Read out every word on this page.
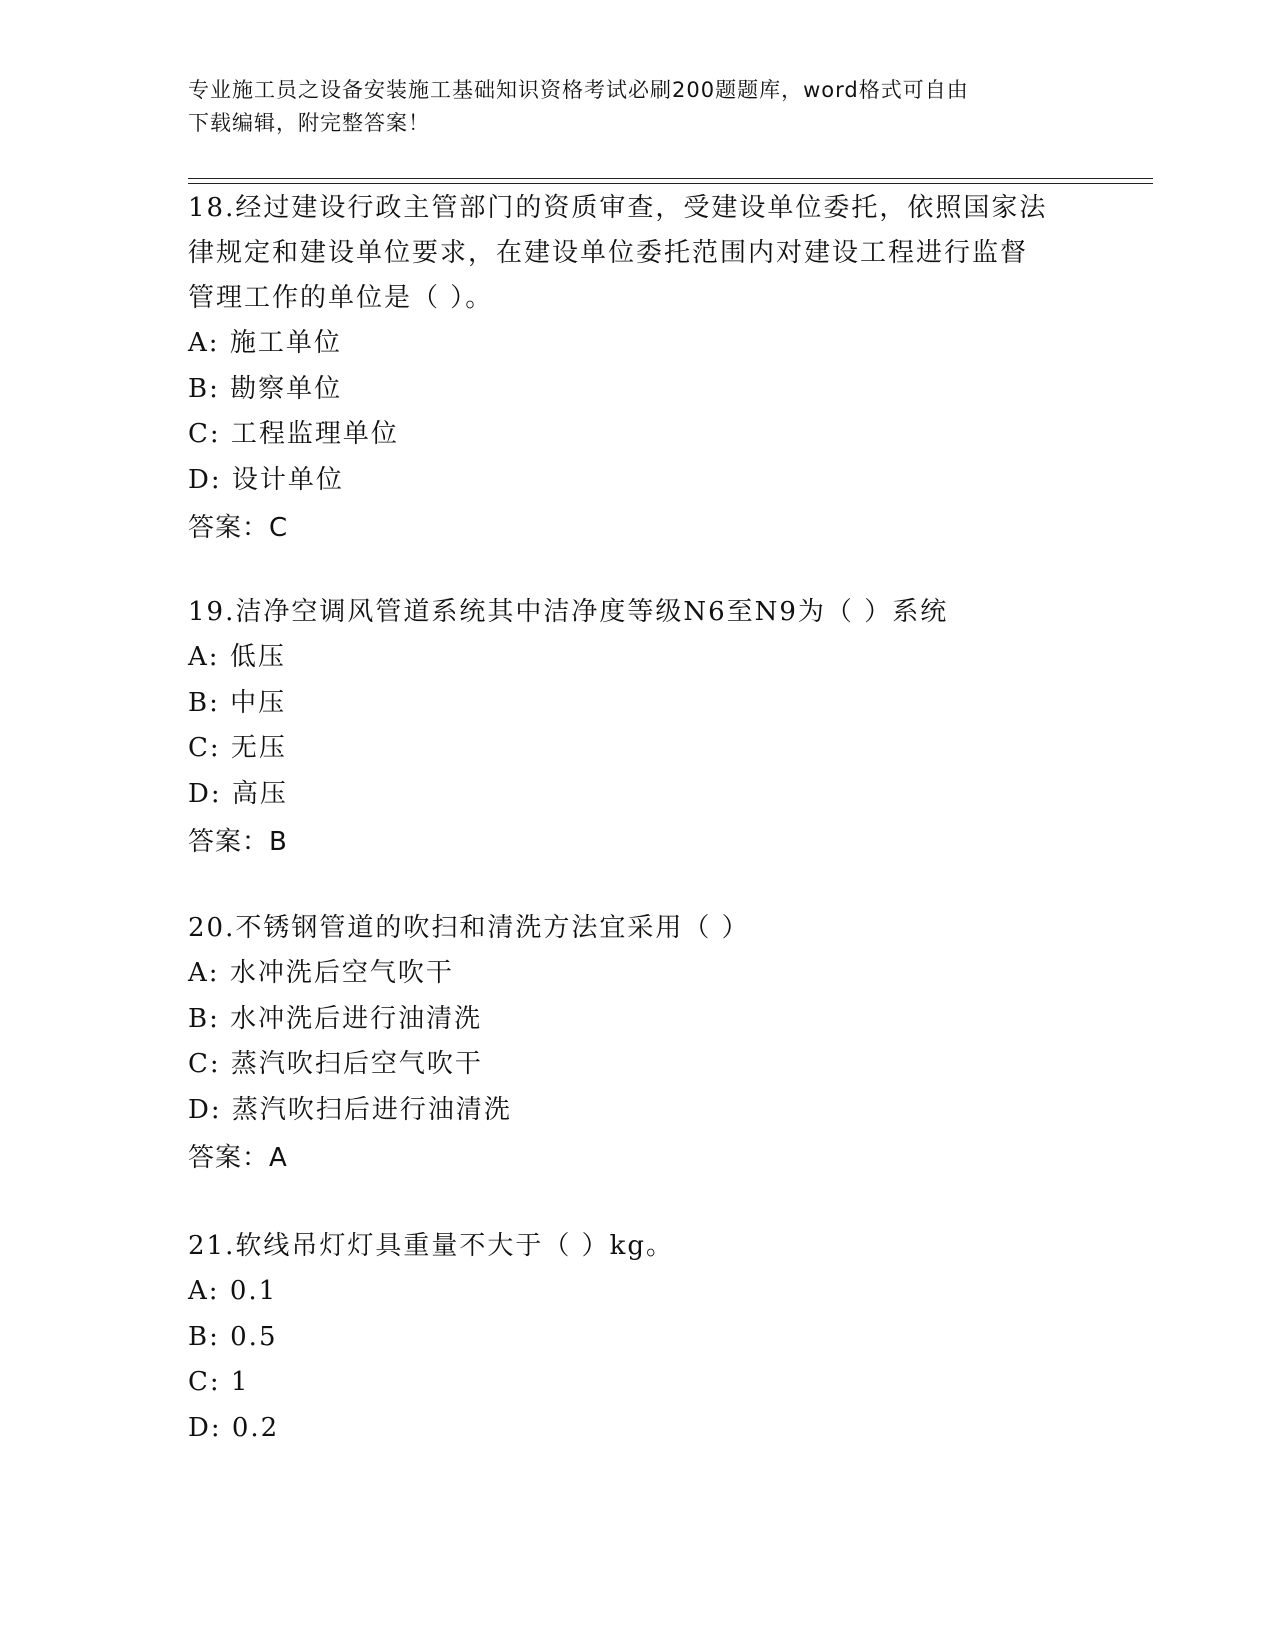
专业施工员之设备安装施工基础知识资格考试必刷200题题库，word格式可自由
下载编辑，附完整答案！
18.经过建设行政主管部门的资质审查，受建设单位委托，依照国家法
律规定和建设单位要求，在建设单位委托范围内对建设工程进行监督
管理工作的单位是（ ）。
A: 施工单位
B: 勘察单位
C: 工程监理单位
D: 设计单位
答案：C
19.洁净空调风管道系统其中洁净度等级N6至N9为（ ）系统
A: 低压
B: 中压
C: 无压
D: 高压
答案：B
20.不锈钢管道的吹扫和清洗方法宜采用（ ）
A: 水冲洗后空气吹干
B: 水冲洗后进行油清洗
C: 蒸汽吹扫后空气吹干
D: 蒸汽吹扫后进行油清洗
答案：A
21.软线吊灯灯具重量不大于（ ）kg。
A: 0.1
B: 0.5
C: 1
D: 0.2
